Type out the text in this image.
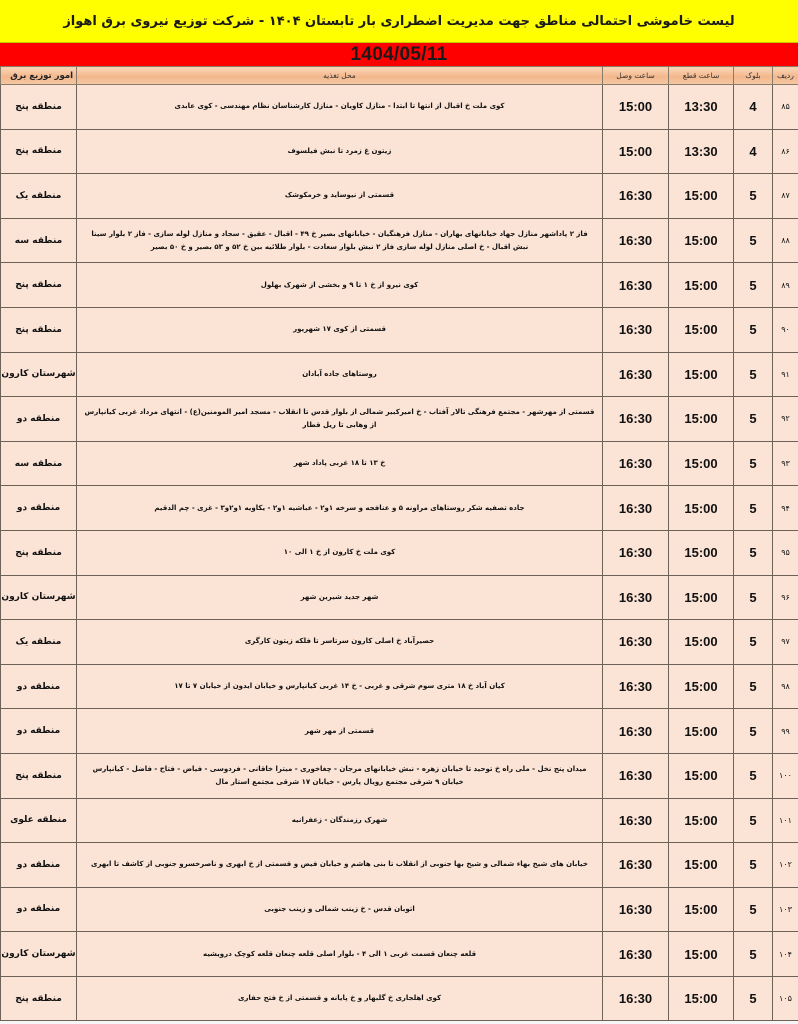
لیست خاموشی احتمالی مناطق جهت مدیریت اضطراری بار تابستان ۱۴۰۴ - شرکت توزیع نیروی برق اهواز
1404/05/11
ردیف	بلوک	ساعت قطع	ساعت وصل	محل تغذیه	امور توزیع برق
۸۵	4	13:30	15:00	کوی ملت خ اقبال از انتها تا ابتدا - منازل کاویان - منازل کارشناسان نظام مهندسی - کوی عابدی	منطقه پنج
۸۶	4	13:30	15:00	زیتون غ زمرد تا نبش فیلسوف	منطقه پنج
۸۷	5	15:00	16:30	قسمتی از نیوساید و خرمکوشک	منطقه یک
۸۸	5	15:00	16:30	فاز ۲ پاداشهر منازل جهاد خیابانهای بهاران - منازل فرهنگیان - خیابانهای بصیر خ ۴۹ - اقبال - عقیق - سجاد و منازل لوله سازی - فاز ۲ بلوار سینا نبش اقبال - خ اصلی منازل لوله سازی فاز ۲ نبش بلوار سعادت - بلوار طلائیه بین خ ۵۲ و ۵۳ بصیر و خ ۵۰ بصیر	منطقه سه
۸۹	5	15:00	16:30	کوی نیرو از خ ۱ تا ۹ و بخشی از شهرک بهلول	منطقه پنج
۹۰	5	15:00	16:30	قسمتی از کوی ۱۷ شهریور	منطقه پنج
۹۱	5	15:00	16:30	روستاهای جاده آبادان	شهرستان کارون
۹۲	5	15:00	16:30	قسمتی از مهرشهر - مجتمع فرهنگی تالار آفتاب - خ امیرکبیر شمالی از بلوار قدس تا انقلاب - مسجد امیر المومنین(ع) - انتهای مرداد غربی کیانپارس از وهابی تا ریل قطار	منطقه دو
۹۳	5	15:00	16:30	خ ۱۳ تا ۱۸ غربی پاداد شهر	منطقه سه
۹۴	5	15:00	16:30	جاده تصفیه شکر روستاهای مراونه ۵ و عنافجه و سرخه ۱و۲ - عباشیه ۱و۲ - یکاویه ۱و۲و۳ - غزی - چم الدقیم	منطقه دو
۹۵	5	15:00	16:30	کوی ملت خ کارون از خ ۱ الی ۱۰	منطقه پنج
۹۶	5	15:00	16:30	شهر جدید شیرین شهر	شهرستان کارون
۹۷	5	15:00	16:30	حصیرآباد خ اصلی کارون سرتاسر تا فلکه زیتون کارگری	منطقه یک
۹۸	5	15:00	16:30	کیان آباد خ ۱۸ متری سوم شرقی و غربی - خ ۱۴ غربی کیانپارس و خیابان ایدون از خیابان ۷ تا ۱۷	منطقه دو
۹۹	5	15:00	16:30	قسمتی از مهر شهر	منطقه دو
۱۰۰	5	15:00	16:30	میدان پنج نخل - ملی راه خ توحید تا خیابان زهره - نبش خیابانهای مرجان - چغاخوری - میترا خاقانی - فردوسی - فیاض - فتاح - فاضل - کیانپارس خیابان ۹ شرقی مجتمع رویال پارس - خیابان ۱۷ شرقی مجتمع استار مال	منطقه پنج
۱۰۱	5	15:00	16:30	شهرک رزمندگان - زعفرانیه	منطقه علوی
۱۰۲	5	15:00	16:30	خیابان های شیخ بهاء شمالی و شیخ بها جنوبی از انقلاب تا بنی هاشم و خیابان فیض و قسمتی از خ ابهری و ناصرخسرو جنوبی از کاشف تا ابهری	منطقه دو
۱۰۳	5	15:00	16:30	اتوبان قدس - خ زینب شمالی و زینب جنوبی	منطقه دو
۱۰۴	5	15:00	16:30	قلعه چنعان قسمت غربی ۱ الی ۴ - بلوار اصلی قلعه چنعان قلعه کوچک درویشیه	شهرستان کارون
۱۰۵	5	15:00	16:30	کوی اهلجاری خ گلبهار و خ پایانه و قسمتی از خ فتح حفاری	منطقه پنج
